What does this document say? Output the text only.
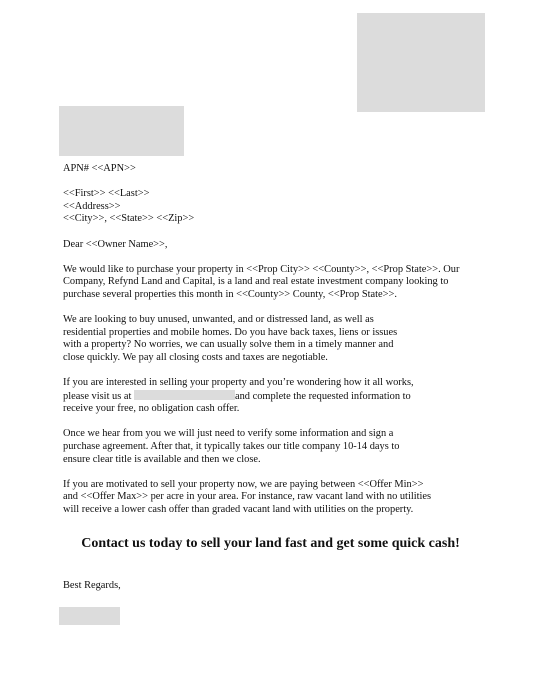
APN# <<APN>>
<<First>> <<Last>>
<<Address>>
<<City>>, <<State>> <<Zip>>
Dear <<Owner Name>>,
We would like to purchase your property in <<Prop City>> <<County>>, <<Prop State>>. Our
Company, Refynd Land and Capital, is a land and real estate investment company looking to
purchase several properties this month in <<County>> County, <<Prop State>>.
We are looking to buy unused, unwanted, and or distressed land, as well as
residential properties and mobile homes. Do you have back taxes, liens or issues
with a property? No worries, we can usually solve them in a timely manner and
close quickly. We pay all closing costs and taxes are negotiable.
If you are interested in selling your property and you’re wondering how it all works,
please visit us at	and complete the requested information to
receive your free, no obligation cash offer.
Once we hear from you we will just need to verify some information and sign a
purchase agreement. After that, it typically takes our title company 10-14 days to
ensure clear title is available and then we close.
If you are motivated to sell your property now, we are paying between <<Offer Min>>
and <<Offer Max>> per acre in your area. For instance, raw vacant land with no utilities
will receive a lower cash offer than graded vacant land with utilities on the property.
Contact us today to sell your land fast and get some quick cash!
Best Regards,
